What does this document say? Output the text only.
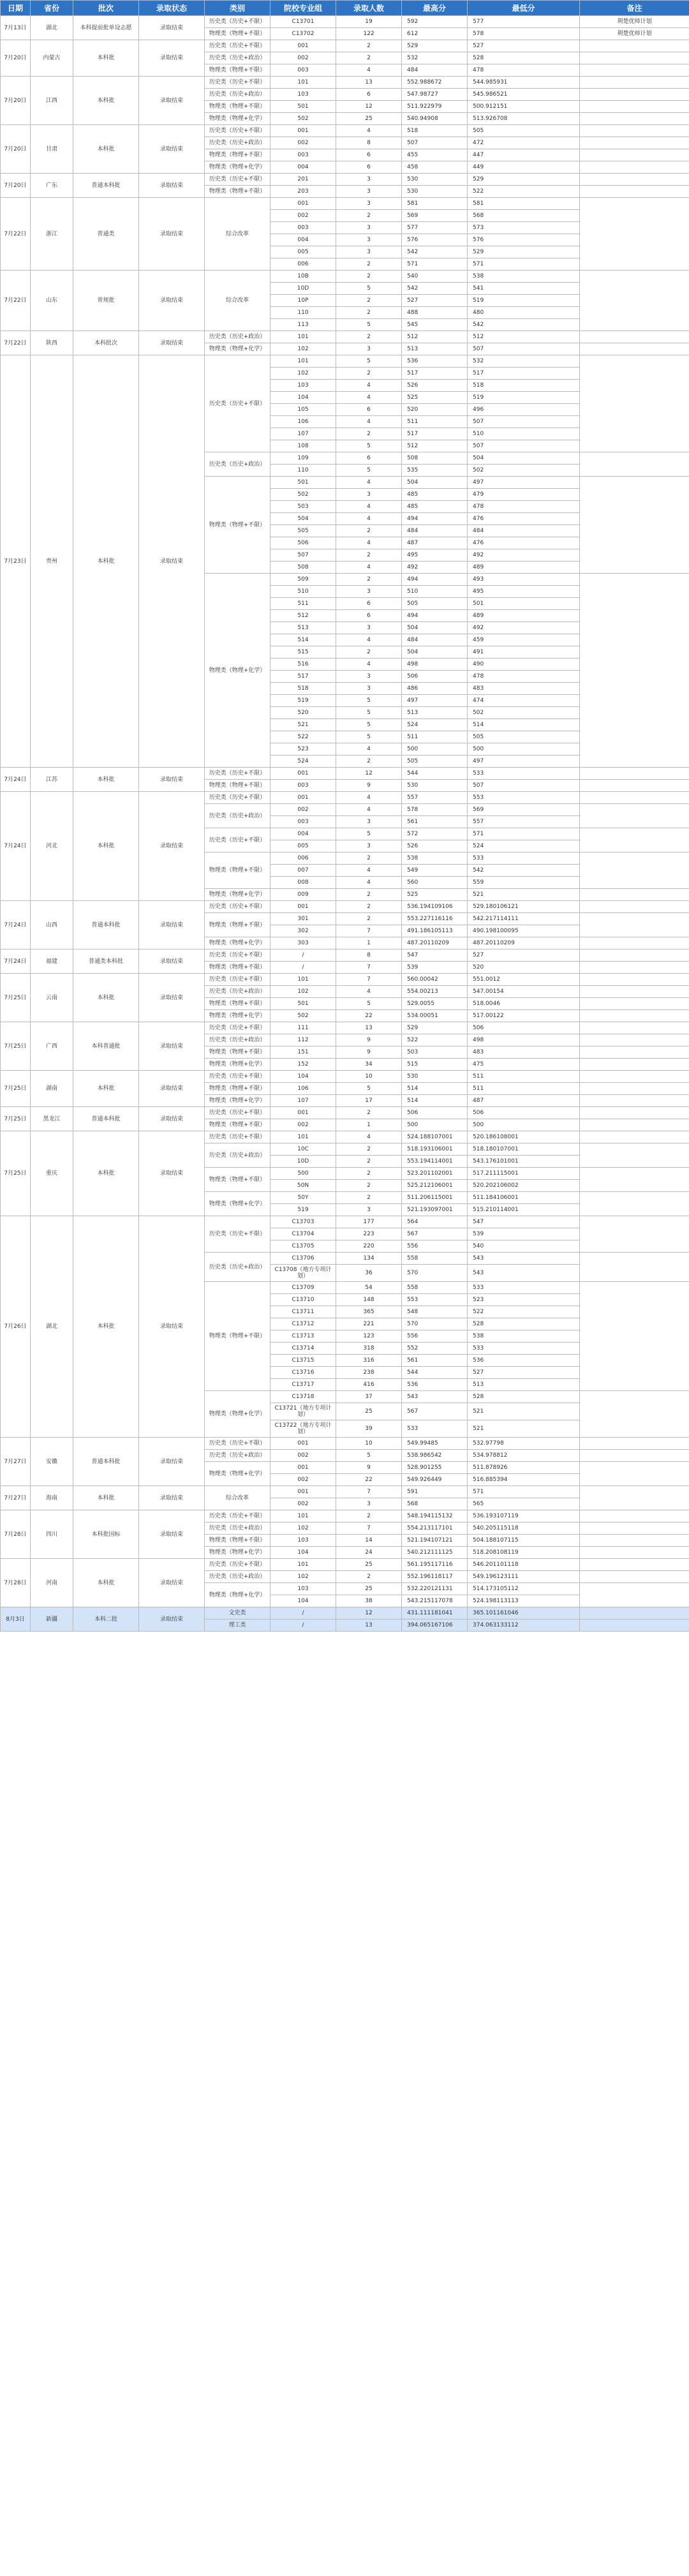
日期	省份	批次	录取状态	类别	院校专业组	录取人数	最高分	最低分	备注
7月13日	湖北	本科提前批单设志愿	录取结束	历史类（历史+不限）	C13701	19	592	577	荆楚优师计划
				物理类（物理+不限）	C13702	122	612	578	荆楚优师计划
7月20日	内蒙古	本科批	录取结束	历史类（历史+不限）	001	2	529	527	
				历史类（历史+政治）	002	2	532	528	
				物理类（物理+不限）	003	4	484	478	
7月20日	江西	本科批	录取结束	历史类（历史+不限）	101	13	552.988672	544.985931	
				历史类（历史+政治）	103	6	547.98727	545.986521	
				物理类（物理+不限）	501	12	511.922979	500.912151	
				物理类（物理+化学）	502	25	540.94908	513.926708	
7月20日	甘肃	本科批	录取结束	历史类（历史+不限）	001	4	518	505	
				历史类（历史+政治）	002	8	507	472	
				物理类（物理+不限）	003	6	455	447	
				物理类（物理+化学）	004	6	458	449	
7月20日	广东	普通本科批	录取结束	历史类（历史+不限）	201	3	530	529	
				物理类（物理+不限）	203	3	530	522	
7月22日	浙江	普通类	录取结束	综合改革	001	3	581	581	
					002	2	569	568	
					003	3	577	573	
					004	3	576	576	
					005	3	542	529	
					006	2	571	571	
7月22日	山东	常规批	录取结束	综合改革	10B	2	540	538	
					10D	5	542	541	
					10P	2	527	519	
					110	2	488	480	
					113	5	545	542	
7月22日	陕西	本科批次	录取结束	历史类（历史+政治）	101	2	512	512	
				物理类（物理+化学）	102	3	513	507	
7月23日	贵州	本科批	录取结束	历史类（历史+不限）	101	5	536	532	
					102	2	517	517	
					103	4	526	518	
					104	4	525	519	
					105	6	520	496	
					106	4	511	507	
					107	2	517	510	
					108	5	512	507	
				历史类（历史+政治）	109	6	508	504	
					110	5	535	502	
				物理类（物理+不限）	501	4	504	497	
					502	3	485	479	
					503	4	485	478	
					504	4	494	476	
					505	2	484	484	
					506	4	487	476	
					507	2	495	492	
					508	4	492	489	
				物理类（物理+化学）	509	2	494	493	
					510	3	510	495	
					511	6	505	501	
					512	6	494	489	
					513	3	504	492	
					514	4	484	459	
					515	2	504	491	
					516	4	498	490	
					517	3	506	478	
					518	3	486	483	
					519	5	497	474	
					520	5	513	502	
					521	5	524	514	
					522	5	511	505	
					523	4	500	500	
					524	2	505	497	
7月24日	江苏	本科批	录取结束	历史类（历史+不限）	001	12	544	533	
				物理类（物理+不限）	003	9	530	507	
7月24日	河北	本科批	录取结束	历史类（历史+不限）	001	4	557	553	
				历史类（历史+政治）	002	4	578	569	
					003	3	561	557	
				历史类（历史+不限）	004	5	572	571	
					005	3	526	524	
				物理类（物理+不限）	006	2	538	533	
					007	4	549	542	
					008	4	560	559	
				物理类（物理+化学）	009	2	525	521	
7月24日	山西	普通本科批	录取结束	历史类（历史+不限）	001	2	536.194109106	529.180106121	
				物理类（物理+不限）	301	2	553.227116116	542.217114111	
					302	7	491.186105113	490.198100095	
				物理类（物理+化学）	303	1	487.20110209	487.20110209	
7月24日	福建	普通类本科批	录取结束	历史类（历史+不限）	/	8	547	527	
				物理类（物理+不限）	/	7	539	520	
7月25日	云南	本科批	录取结束	历史类（历史+不限）	101	7	560.00042	551.0012	
				历史类（历史+政治）	102	4	554.00213	547.00154	
				物理类（物理+不限）	501	5	529.0055	518.0046	
				物理类（物理+化学）	502	22	534.00051	517.00122	
7月25日	广西	本科普通批	录取结束	历史类（历史+不限）	111	13	529	506	
				历史类（历史+政治）	112	9	522	498	
				物理类（物理+不限）	151	9	503	483	
				物理类（物理+化学）	152	34	515	475	
7月25日	湖南	本科批	录取结束	历史类（历史+不限）	104	10	530	511	
				物理类（物理+不限）	106	5	514	511	
				物理类（物理+化学）	107	17	514	487	
7月25日	黑龙江	普通本科批	录取结束	历史类（历史+不限）	001	2	506	506	
				物理类（物理+不限）	002	1	500	500	
7月25日	重庆	本科批	录取结束	历史类（历史+不限）	101	4	524.188107001	520.186108001	
				历史类（历史+政治）	10C	2	518.193106001	518.180107001	
					10D	2	553.194114001	543.176101001	
				物理类（物理+不限）	500	2	523.201102001	517.211115001	
					50N	2	525.212106001	520.202106002	
				物理类（物理+化学）	50Y	2	511.206115001	511.184106001	
					519	3	521.193097001	515.210114001	
7月26日	湖北	本科批	录取结束	历史类（历史+不限）	C13703	177	564	547	
					C13704	223	567	539	
					C13705	220	556	540	
				历史类（历史+政治）	C13706	134	558	543	
					C13708（地方专项计划）	36	570	543	
				物理类（物理+不限）	C13709	54	558	533	
					C13710	148	553	523	
					C13711	365	548	522	
					C13712	221	570	528	
					C13713	123	556	538	
					C13714	318	552	533	
					C13715	316	561	536	
					C13716	238	544	527	
					C13717	416	536	513	
				物理类（物理+化学）	C13718	37	543	528	
					C13721（地方专项计划）	25	567	521	
					C13722（地方专项计划）	39	533	521	
7月27日	安徽	普通本科批	录取结束	历史类（历史+不限）	001	10	549.99485	532.97798	
				历史类（历史+政治）	002	5	538.986542	534.978812	
				物理类（物理+化学）	001	9	528.901255	511.878926	
					002	22	549.926449	516.885394	
7月27日	海南	本科批	录取结束	综合改革	001	7	591	571	
					002	3	568	565	
7月28日	四川	本科批国标	录取结束	历史类（历史+不限）	101	2	548.194115132	536.193107119	
				历史类（历史+政治）	102	7	554.213117101	540.205115118	
				物理类（物理+不限）	103	14	521.194107121	504.188107115	
				物理类（物理+化学）	104	24	540.212111125	518.208108119	
7月28日	河南	本科批	录取结束	历史类（历史+不限）	101	25	561.195117116	546.201101118	
				历史类（历史+政治）	102	2	552.196118117	549.196123111	
				物理类（物理+化学）	103	25	532.220121131	514.173105112	
					104	38	543.215117078	524.198113113	
8月3日	新疆	本科二批	录取结束	文史类	/	12	431.111181041	365.101161046	
				理工类	/	13	394.065167106	374.063133112	
